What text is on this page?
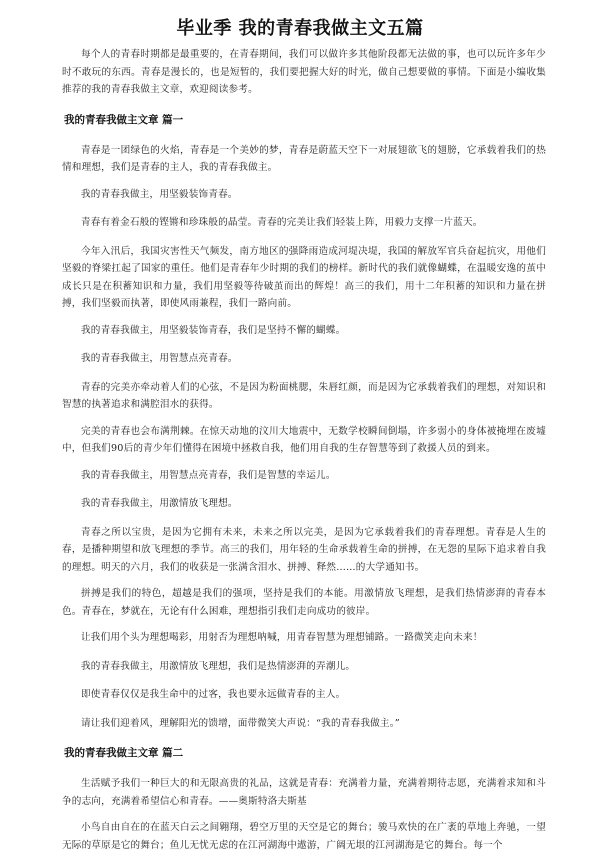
毕业季 我的青春我做主文五篇

每个人的青春时期都是最重要的，在青春期间，我们可以做许多其他阶段都无法做的事，也可以玩许多年少时不敢玩的东西。青春是漫长的，也是短暂的，我们要把握大好的时光，做自己想要做的事情。下面是小编收集推荐的我的青春我做主文章，欢迎阅读参考。

我的青春我做主文章 篇一

青春是一团绿色的火焰，青春是一个美妙的梦，青春是蔚蓝天空下一对展翅欲飞的翅膀，它承载着我们的热情和理想，我们是青春的主人，我的青春我做主。

我的青春我做主，用坚毅装饰青春。

青春有着金石般的铿锵和珍珠般的晶莹。青春的完美让我们轻装上阵，用毅力支撑一片蓝天。

今年入汛后，我国灾害性天气频发，南方地区的强降雨造成河堤决堤，我国的解放军官兵奋起抗灾，用他们坚毅的脊梁扛起了国家的重任。他们是青春年少时期的我们的榜样。新时代的我们就像蝴蝶，在温暖安逸的茧中成长只是在积蓄知识和力量，我们用坚毅等待破茧而出的辉煌！高三的我们，用十二年积蓄的知识和力量在拼搏，我们坚毅而执著，即使风雨兼程，我们一路向前。

我的青春我做主，用坚毅装饰青春，我们是坚持不懈的蝴蝶。

我的青春我做主，用智慧点亮青春。

青春的完美亦牵动着人们的心弦，不是因为粉面桃腮，朱唇红颜，而是因为它承载着我们的理想，对知识和智慧的执著追求和满腔泪水的获得。

完美的青春也会布满荆棘。在惊天动地的汶川大地震中，无数学校瞬间倒塌，许多弱小的身体被掩埋在废墟中，但我们90后的青少年们懂得在困境中拯救自我，他们用自我的生存智慧等到了救援人员的到来。

我的青春我做主，用智慧点亮青春，我们是智慧的幸运儿。

我的青春我做主，用激情放飞理想。

青春之所以宝贵，是因为它拥有未来，未来之所以完美，是因为它承载着我们的青春理想。青春是人生的春，是播种期望和放飞理想的季节。高三的我们，用年轻的生命承载着生命的拼搏，在无怨的星际下追求着自我的理想。明天的六月，我们的收获是一张满含泪水、拼搏、释然……的大学通知书。

拼搏是我们的特色，超越是我们的强项，坚持是我们的本能。用激情放飞理想，是我们热情澎湃的青春本色。青春在，梦就在，无论有什么困难，理想指引我们走向成功的彼岸。

让我们用个头为理想喝彩，用射否为理想呐喊，用青春智慧为理想铺路。一路微笑走向未来！

我的青春我做主，用激情放飞理想，我们是热情澎湃的弄潮儿。

即使青春仅仅是我生命中的过客，我也要永远做青春的主人。

请让我们迎着风，理解阳光的馈增，面带微笑大声说：“我的青春我做主。”

我的青春我做主文章 篇二

生活赋予我们一种巨大的和无限高贵的礼品，这就是青春：充满着力量，充满着期待志愿，充满着求知和斗争的志向，充满着希望信心和青春。——奥斯特洛夫斯基

小鸟自由自在的在蓝天白云之间翱翔，碧空万里的天空是它的舞台；骏马欢快的在广袤的草地上奔驰，一望无际的草原是它的舞台；鱼儿无忧无虑的在江河湖海中遨游，广阔无垠的江河湖海是它的舞台。每一个
